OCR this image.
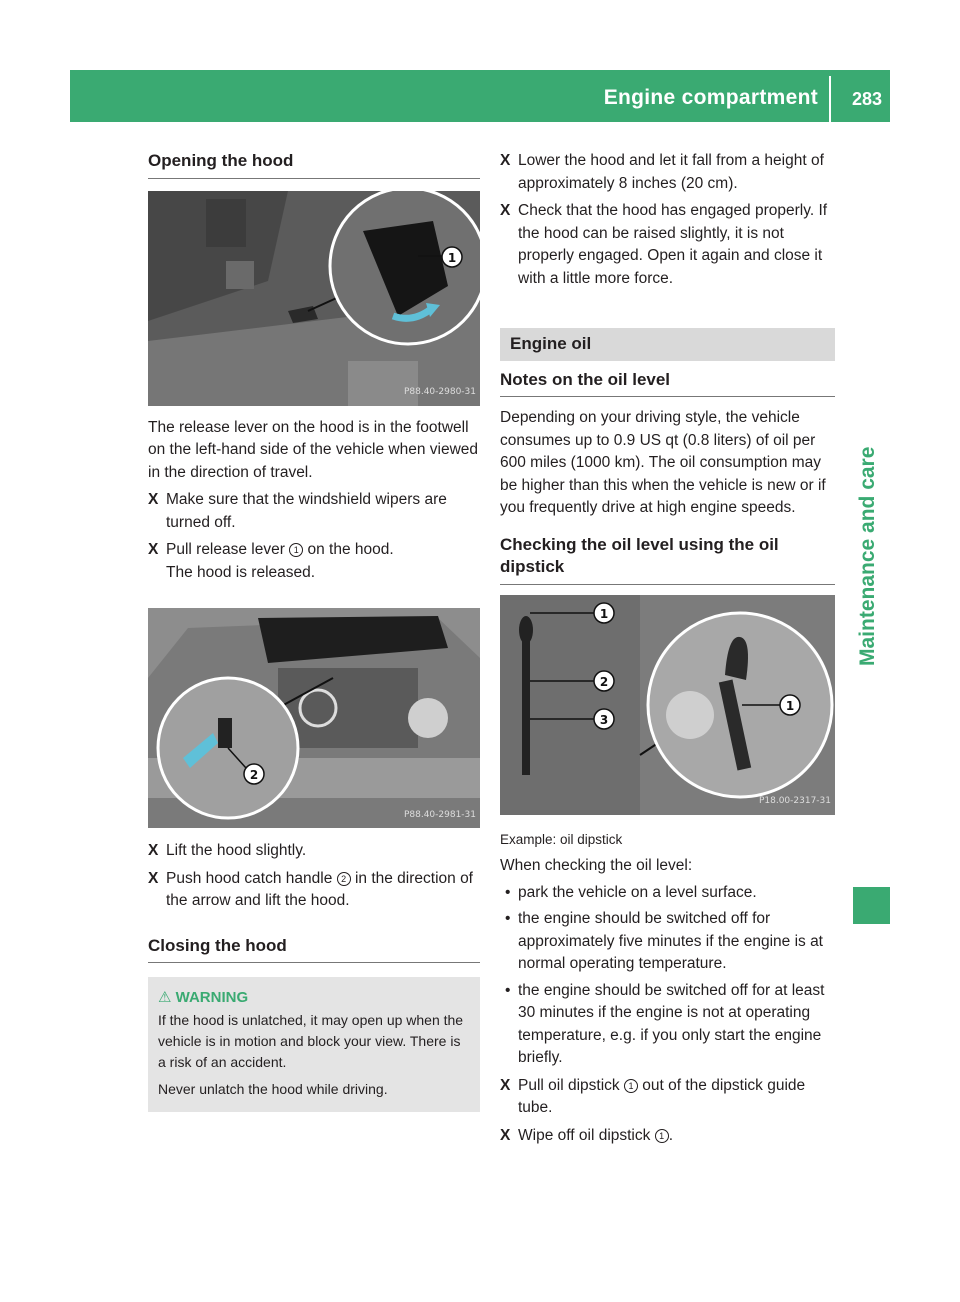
Engine compartment 283
Maintenance and care
Opening the hood
1
P88.40-2980-31

The release lever on the hood is in the footwell on the left-hand side of the vehicle when viewed in the direction of travel.

X Make sure that the windshield wipers are turned off.
X Pull release lever 1 on the hood.
The hood is released.
2
P88.40-2981-31
X Lift the hood slightly.
X Push hood catch handle 2 in the direction of the arrow and lift the hood.
Closing the hood
⚠ WARNING

If the hood is unlatched, it may open up when the vehicle is in motion and block your view. There is a risk of an accident.

Never unlatch the hood while driving.

X Lower the hood and let it fall from a height of approximately 8 inches (20 cm).
X Check that the hood has engaged properly. If the hood can be raised slightly, it is not properly engaged. Open it again and close it with a little more force.
Engine oil
Notes on the oil level

Depending on your driving style, the vehicle consumes up to 0.9 US qt (0.8 liters) of oil per 600 miles (1000 km). The oil consumption may be higher than this when the vehicle is new or if you frequently drive at high engine speeds.

Checking the oil level using the oil dipstick
1
2
3
1
P18.00-2317-31

Example: oil dipstick

When checking the oil level:

• park the vehicle on a level surface.
• the engine should be switched off for approximately five minutes if the engine is at normal operating temperature.
• the engine should be switched off for at least 30 minutes if the engine is not at operating temperature, e.g. if you only start the engine briefly.
X Pull oil dipstick 1 out of the dipstick guide tube.
X Wipe off oil dipstick 1 .
